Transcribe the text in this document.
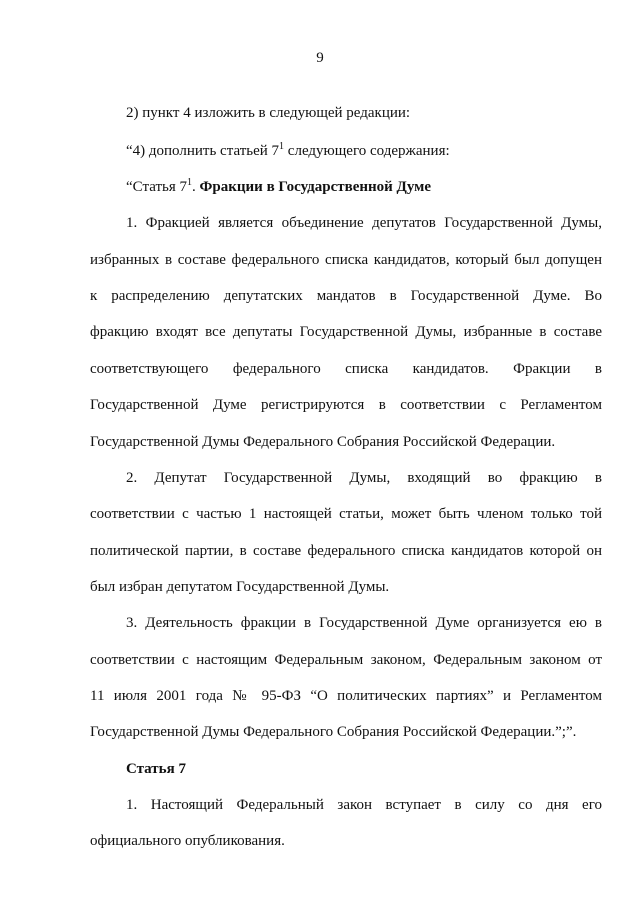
9
2) пункт 4 изложить в следующей редакции:
“4) дополнить статьей $7^1$ следующего содержания:
“Статья $7^1$. Фракции в Государственной Думе
1. Фракцией является объединение депутатов Государственной Думы,
избранных в составе федерального списка кандидатов, который был допущен
к распределению депутатских мандатов в Государственной Думе. Во
фракцию входят все депутаты Государственной Думы, избранные в составе
соответствующего федерального списка кандидатов. Фракции в
Государственной Думе регистрируются в соответствии с Регламентом
Государственной Думы Федерального Собрания Российской Федерации.
2. Депутат Государственной Думы, входящий во фракцию в
соответствии с частью 1 настоящей статьи, может быть членом только той
политической партии, в составе федерального списка кандидатов которой он
был избран депутатом Государственной Думы.
3. Деятельность фракции в Государственной Думе организуется ею в
соответствии с настоящим Федеральным законом, Федеральным законом от
11 июля 2001 года № 95-ФЗ “О политических партиях” и Регламентом
Государственной Думы Федерального Собрания Российской Федерации.”;”.
Статья 7
1. Настоящий Федеральный закон вступает в силу со дня его
официального опубликования.
